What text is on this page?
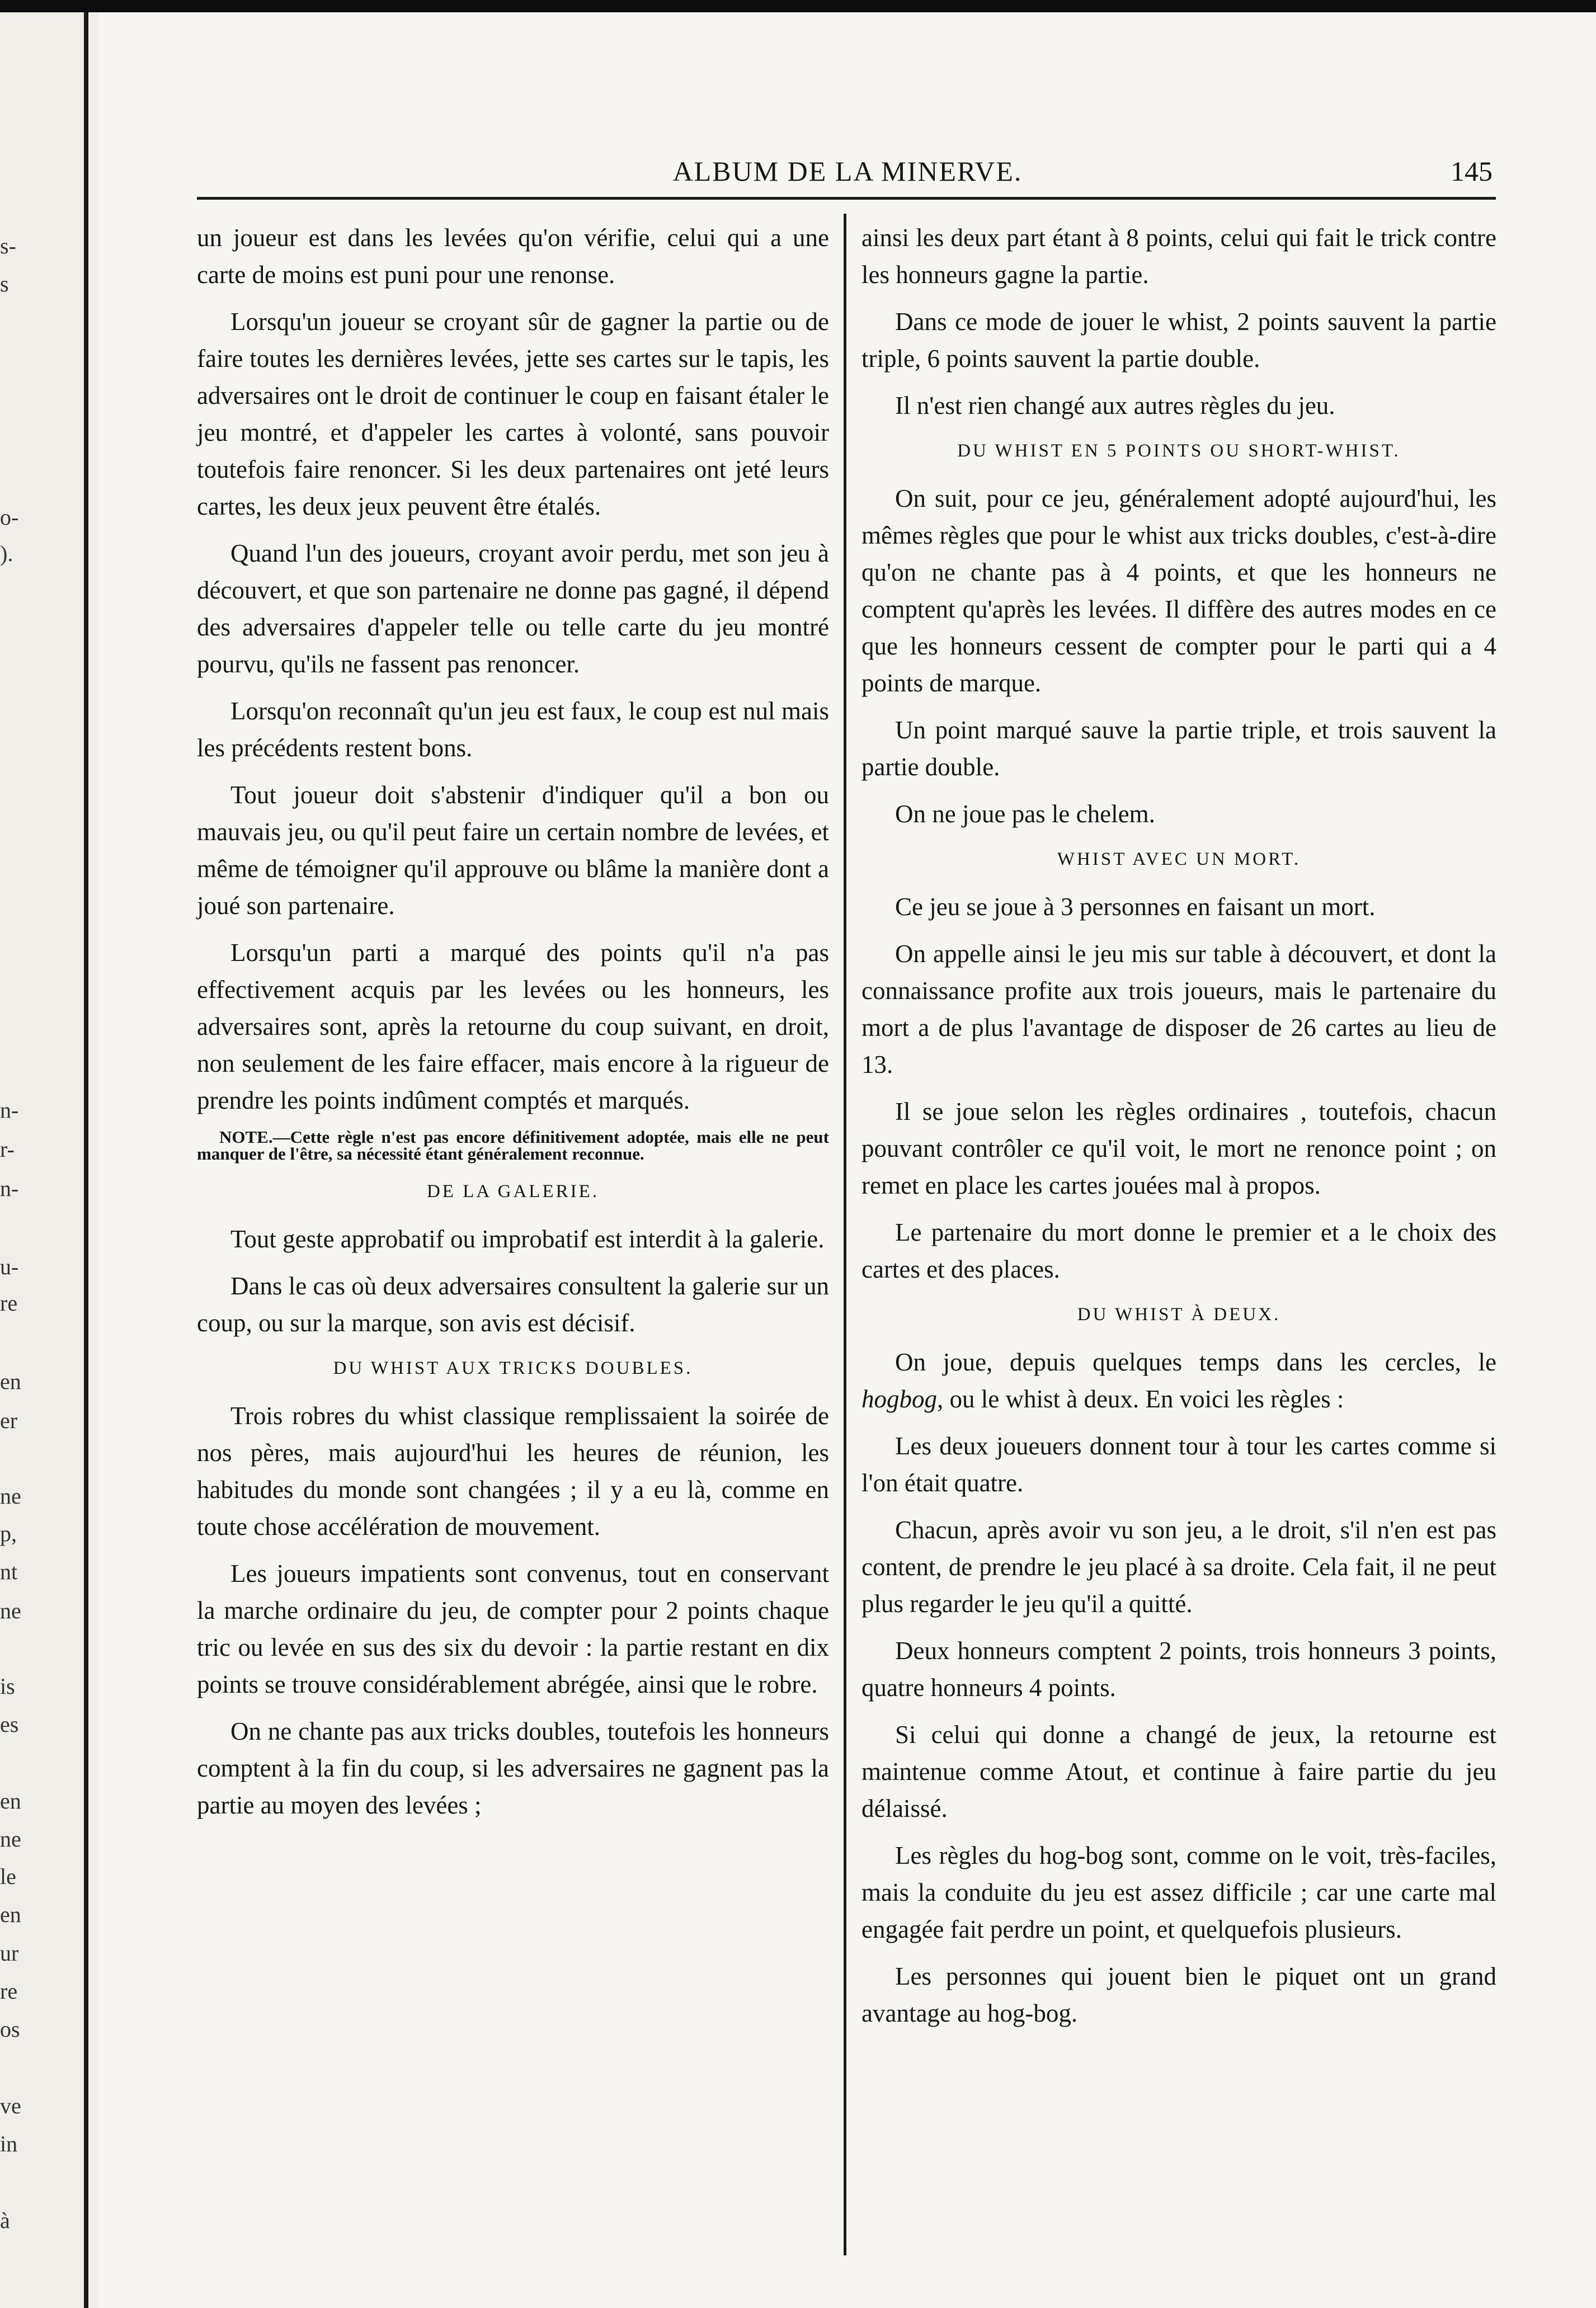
s-
s
o-
).
n-
r-
n-
u-
re
en
er
ne
p,
nt
ne
is
es
en
ne
le
en
ur
re
os
ve
in
à
ALBUM DE LA MINERVE.	145

un joueur est dans les levées qu'on vérifie, celui qui a une carte de moins est puni pour une renonse.

Lorsqu'un joueur se croyant sûr de gagner la partie ou de faire toutes les dernières levées, jette ses cartes sur le tapis, les adversaires ont le droit de continuer le coup en faisant étaler le jeu montré, et d'appeler les cartes à volonté, sans pouvoir toutefois faire renoncer. Si les deux partenaires ont jeté leurs cartes, les deux jeux peuvent être étalés.

Quand l'un des joueurs, croyant avoir perdu, met son jeu à découvert, et que son partenaire ne donne pas gagné, il dépend des adversaires d'appeler telle ou telle carte du jeu montré pourvu, qu'ils ne fassent pas renoncer.

Lorsqu'on reconnaît qu'un jeu est faux, le coup est nul mais les précédents restent bons.

Tout joueur doit s'abstenir d'indiquer qu'il a bon ou mauvais jeu, ou qu'il peut faire un certain nombre de levées, et même de témoigner qu'il approuve ou blâme la manière dont a joué son partenaire.

Lorsqu'un parti a marqué des points qu'il n'a pas effectivement acquis par les levées ou les honneurs, les adversaires sont, après la retourne du coup suivant, en droit, non seulement de les faire effacer, mais encore à la rigueur de prendre les points indûment comptés et marqués.

NOTE.—Cette règle n'est pas encore définitivement adoptée, mais elle ne peut manquer de l'être, sa nécessité étant généralement reconnue.

DE LA GALERIE.

Tout geste approbatif ou improbatif est interdit à la galerie.

Dans le cas où deux adversaires consultent la galerie sur un coup, ou sur la marque, son avis est décisif.

DU WHIST AUX TRICKS DOUBLES.

Trois robres du whist classique remplissaient la soirée de nos pères, mais aujourd'hui les heures de réunion, les habitudes du monde sont changées ; il y a eu là, comme en toute chose accélération de mouvement.

Les joueurs impatients sont convenus, tout en conservant la marche ordinaire du jeu, de compter pour 2 points chaque tric ou levée en sus des six du devoir : la partie restant en dix points se trouve considérablement abrégée, ainsi que le robre.

On ne chante pas aux tricks doubles, toutefois les honneurs comptent à la fin du coup, si les adversaires ne gagnent pas la partie au moyen des levées ;

ainsi les deux part étant à 8 points, celui qui fait le trick contre les honneurs gagne la partie.

Dans ce mode de jouer le whist, 2 points sauvent la partie triple, 6 points sauvent la partie double.

Il n'est rien changé aux autres règles du jeu.

DU WHIST EN 5 POINTS OU SHORT-WHIST.

On suit, pour ce jeu, généralement adopté aujourd'hui, les mêmes règles que pour le whist aux tricks doubles, c'est-à-dire qu'on ne chante pas à 4 points, et que les honneurs ne comptent qu'après les levées. Il diffère des autres modes en ce que les honneurs cessent de compter pour le parti qui a 4 points de marque.

Un point marqué sauve la partie triple, et trois sauvent la partie double.

On ne joue pas le chelem.

WHIST AVEC UN MORT.

Ce jeu se joue à 3 personnes en faisant un mort.

On appelle ainsi le jeu mis sur table à découvert, et dont la connaissance profite aux trois joueurs, mais le partenaire du mort a de plus l'avantage de disposer de 26 cartes au lieu de 13.

Il se joue selon les règles ordinaires , toutefois, chacun pouvant contrôler ce qu'il voit, le mort ne renonce point ; on remet en place les cartes jouées mal à propos.

Le partenaire du mort donne le premier et a le choix des cartes et des places.

DU WHIST À DEUX.

On joue, depuis quelques temps dans les cercles, le hogbog, ou le whist à deux. En voici les règles :

Les deux joueuers donnent tour à tour les cartes comme si l'on était quatre.

Chacun, après avoir vu son jeu, a le droit, s'il n'en est pas content, de prendre le jeu placé à sa droite. Cela fait, il ne peut plus regarder le jeu qu'il a quitté.

Deux honneurs comptent 2 points, trois honneurs 3 points, quatre honneurs 4 points.

Si celui qui donne a changé de jeux, la retourne est maintenue comme Atout, et continue à faire partie du jeu délaissé.

Les règles du hog-bog sont, comme on le voit, très-faciles, mais la conduite du jeu est assez difficile ; car une carte mal engagée fait perdre un point, et quelquefois plusieurs.

Les personnes qui jouent bien le piquet ont un grand avantage au hog-bog.
